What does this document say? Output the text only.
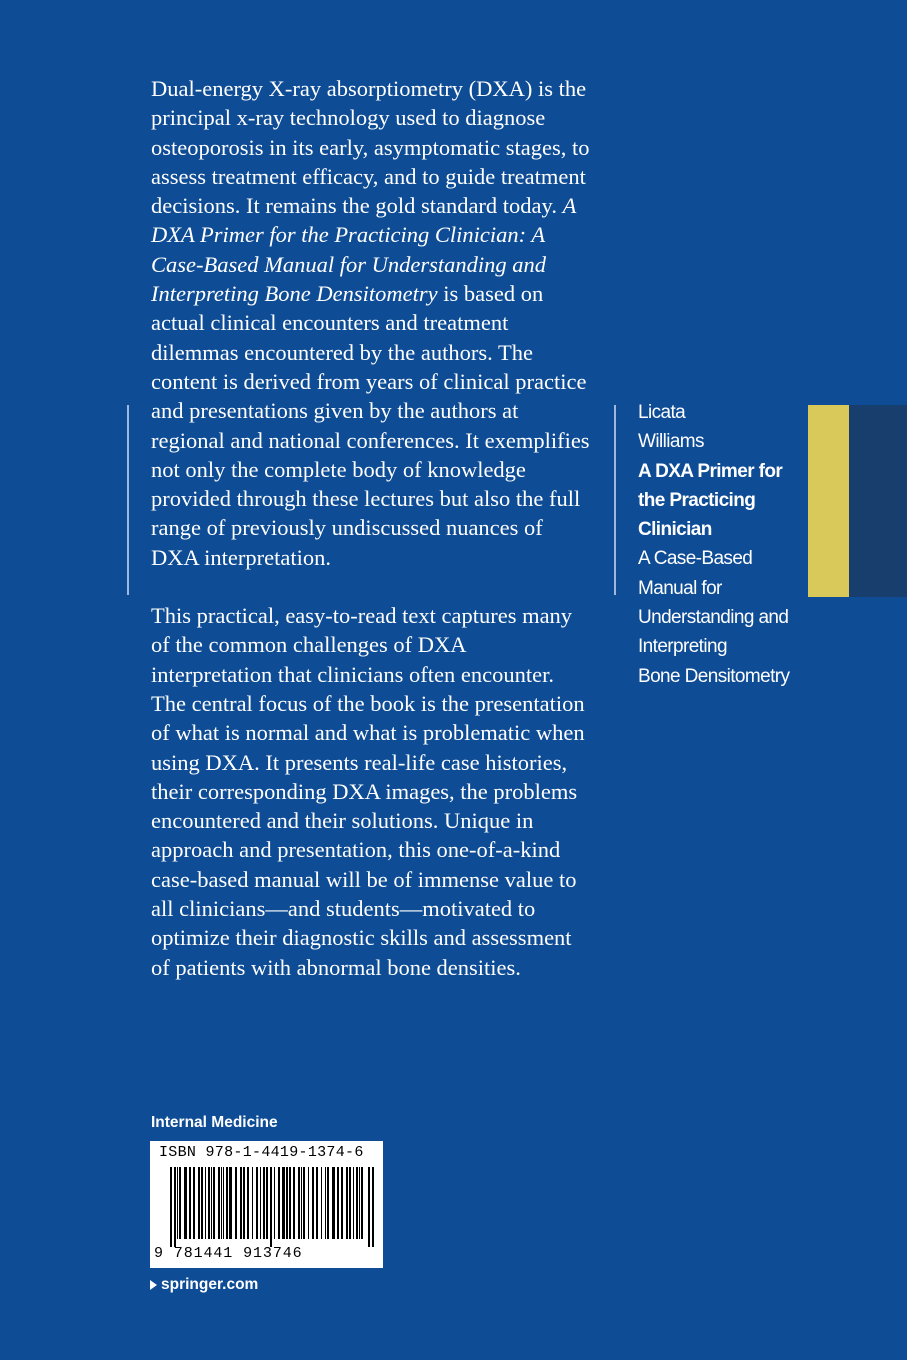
Dual-energy X-ray absorptiometry (DXA) is the principal x-ray technology used to diagnose osteoporosis in its early, asymptomatic stages, to assess treatment efficacy, and to guide treatment decisions. It remains the gold standard today. A DXA Primer for the Practicing Clinician: A Case-Based Manual for Understanding and Interpreting Bone Densitometry is based on actual clinical encounters and treatment dilemmas encountered by the authors. The content is derived from years of clinical practice and presentations given by the authors at regional and national conferences. It exemplifies not only the complete body of knowledge provided through these lectures but also the full range of previously undiscussed nuances of DXA interpretation.

This practical, easy-to-read text captures many of the common challenges of DXA interpretation that clinicians often encounter. The central focus of the book is the presentation of what is normal and what is problematic when using DXA. It presents real-life case histories, their corresponding DXA images, the problems encountered and their solutions. Unique in approach and presentation, this one-of-a-kind case-based manual will be of immense value to all clinicians—and students—motivated to optimize their diagnostic skills and assessment of patients with abnormal bone densities.

Licata
Williams
A DXA Primer for
the Practicing
Clinician
A Case-Based
Manual for
Understanding and
Interpreting
Bone Densitometry
Internal Medicine
ISBN 978-1-4419-1374-6
9 781441 913746
springer.com
